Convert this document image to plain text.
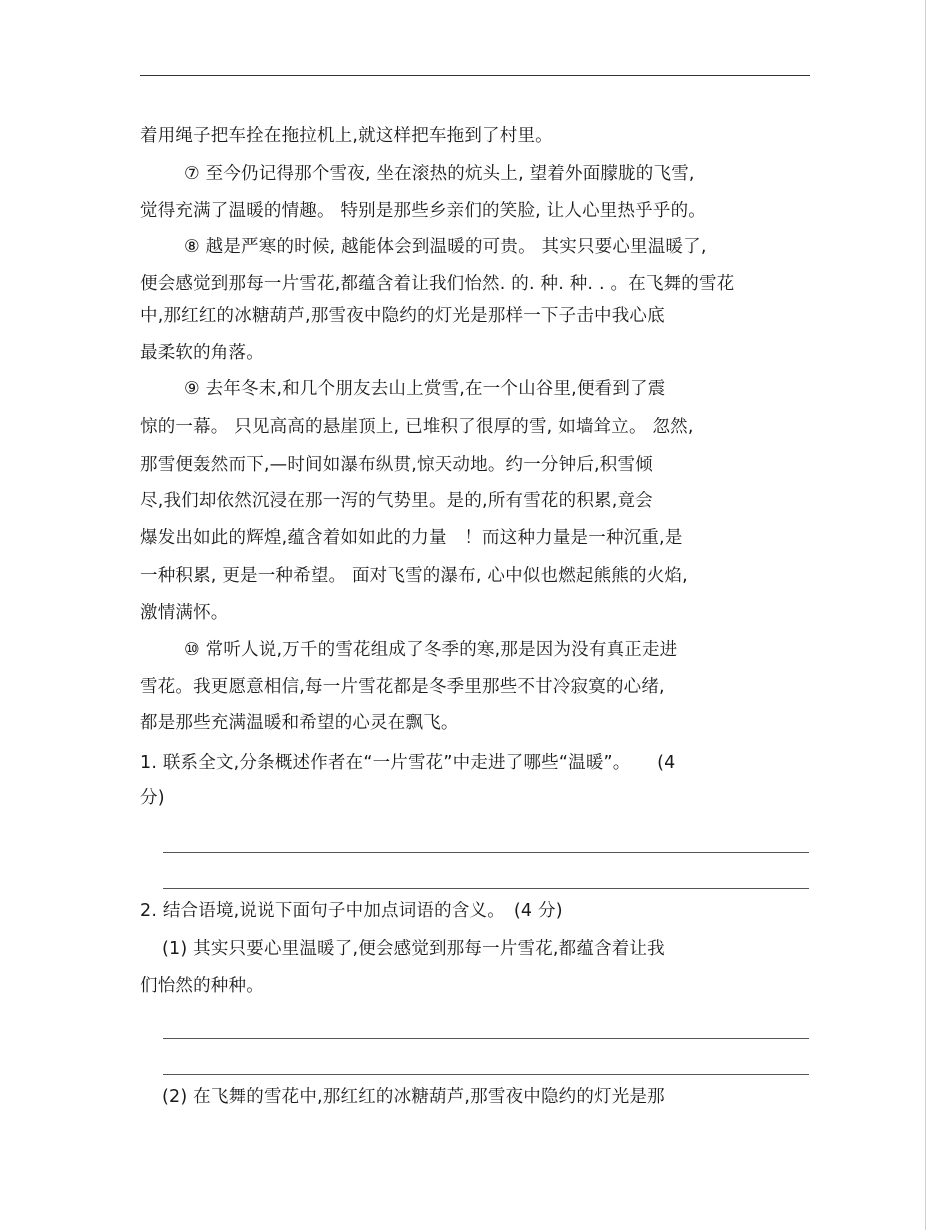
着用绳子把车拴在拖拉机上,就这样把车拖到了村里。
⑦ 至今仍记得那个雪夜, 坐在滚热的炕头上, 望着外面朦胧的飞雪,
觉得充满了温暖的情趣。 特别是那些乡亲们的笑脸, 让人心里热乎乎的。
⑧ 越是严寒的时候, 越能体会到温暖的可贵。 其实只要心里温暖了,
便会感觉到那每一片雪花,都蕴含着让我们怡然. 的. 种. 种. . 。在飞舞的雪花
中,那红红的冰糖葫芦,那雪夜中隐约的灯光是那样一下子击中我心底
最柔软的角落。
⑨ 去年冬末,和几个朋友去山上赏雪,在一个山谷里,便看到了震
惊的一幕。 只见高高的悬崖顶上, 已堆积了很厚的雪, 如墙耸立。 忽然,
那雪便轰然而下,—时间如瀑布纵贯,惊天动地。约一分钟后,积雪倾
尽,我们却依然沉浸在那一泻的气势里。是的,所有雪花的积累,竟会
爆发出如此的辉煌,蕴含着如如此的力量　！而这种力量是一种沉重,是
一种积累, 更是一种希望。 面对飞雪的瀑布, 心中似也燃起熊熊的火焰,
激情满怀。
⑩ 常听人说,万千的雪花组成了冬季的寒,那是因为没有真正走进
雪花。我更愿意相信,每一片雪花都是冬季里那些不甘冷寂寞的心绪,
都是那些充满温暖和希望的心灵在飘飞。
1. 联系全文,分条概述作者在“一片雪花”中走进了哪些“温暖”。　　(4
分)
2. 结合语境,说说下面句子中加点词语的含义。　(4 分)
(1) 其实只要心里温暖了,便会感觉到那每一片雪花,都蕴含着让我
们怡然的种种。
(2) 在飞舞的雪花中,那红红的冰糖葫芦,那雪夜中隐约的灯光是那
